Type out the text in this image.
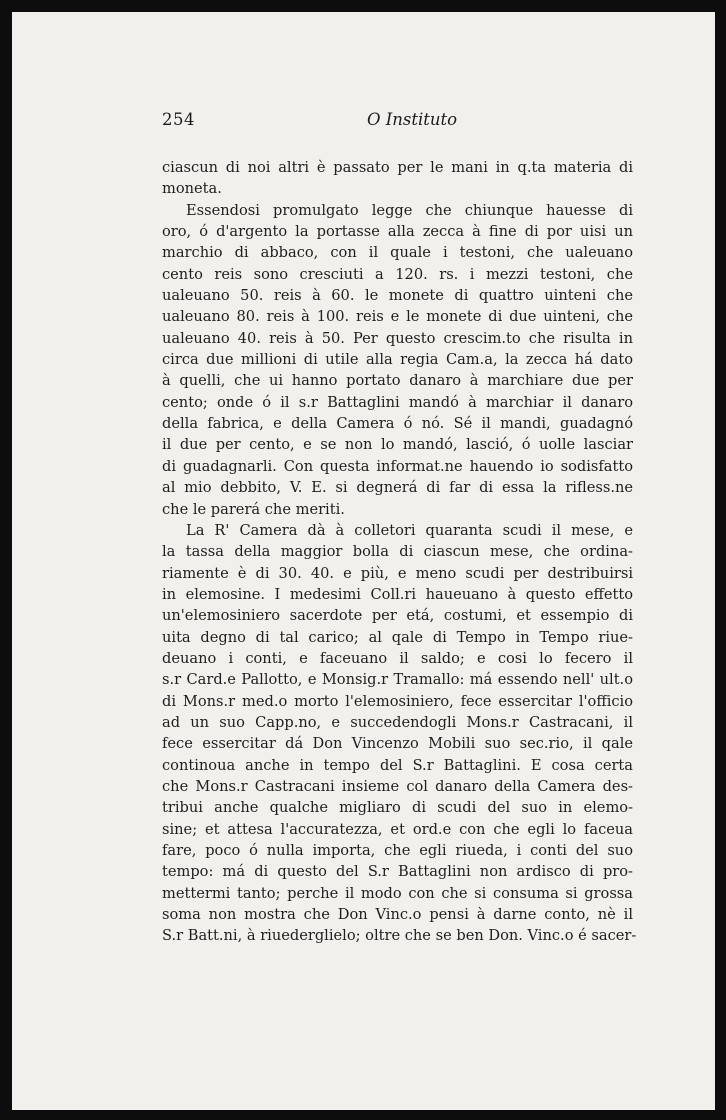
254	O Instituto
ciascun di noi altri è passato per le mani in q.ta materia di
moneta.
Essendosi promulgato legge che chiunque hauesse di
oro, ó d'argento la portasse alla zecca à fine di por uisi un
marchio di abbaco, con il quale i testoni, che ualeuano
cento reis sono cresciuti a 120. rs. i mezzi testoni, che
ualeuano 50. reis à 60. le monete di quattro uinteni che
ualeuano 80. reis à 100. reis e le monete di due uinteni, che
ualeuano 40. reis à 50. Per questo crescim.to che risulta in
circa due millioni di utile alla regia Cam.a, la zecca há dato
à quelli, che ui hanno portato danaro à marchiare due per
cento; onde ó il s.r Battaglini mandó à marchiar il danaro
della fabrica, e della Camera ó nó. Sé il mandi, guadagnó
il due per cento, e se non lo mandó, lasció, ó uolle lasciar
di guadagnarli. Con questa informat.ne hauendo io sodisfatto
al mio debbito, V. E. si degnerá di far di essa la rifless.ne
che le parerá che meriti.
La R' Camera dà à colletori quaranta scudi il mese, e
la tassa della maggior bolla di ciascun mese, che ordina-
riamente è di 30. 40. e più, e meno scudi per destribuirsi
in elemosine. I medesimi Coll.ri haueuano à questo effetto
un'elemosiniero sacerdote per etá, costumi, et essempio di
uita degno di tal carico; al qale di Tempo in Tempo riue-
deuano i conti, e faceuano il saldo; e cosi lo fecero il
s.r Card.e Pallotto, e Monsig.r Tramallo: má essendo nell' ult.o
di Mons.r med.o morto l'elemosiniero, fece essercitar l'officio
ad un suo Capp.no, e succedendogli Mons.r Castracani, il
fece essercitar dá Don Vincenzo Mobili suo sec.rio, il qale
continoua anche in tempo del S.r Battaglini. E cosa certa
che Mons.r Castracani insieme col danaro della Camera des-
tribui anche qualche migliaro di scudi del suo in elemo-
sine; et attesa l'accuratezza, et ord.e con che egli lo faceua
fare, poco ó nulla importa, che egli riueda, i conti del suo
tempo: má di questo del S.r Battaglini non ardisco di pro-
mettermi tanto; perche il modo con che si consuma si grossa
soma non mostra che Don Vinc.o pensi à darne conto, nè il
S.r Batt.ni, à riuederglielo; oltre che se ben Don. Vinc.o é sacer-
